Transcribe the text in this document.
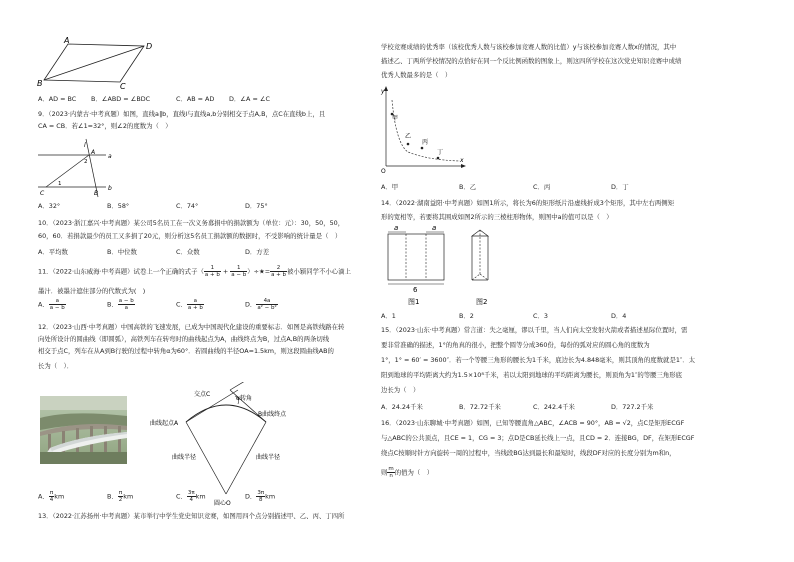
A
D
B	C
A．AD = BC B．∠ABD = ∠BDC	C．AB = AD D．∠A = ∠C
9．（2023·内蒙古·中考真题）如图，直线a∥b，直线l与直线a,b分别相交于点A,B，点C在直线b上，且
CA = CB．若∠1=32°，则∠2的度数为（　）
l
A
a
b
C	B
1
2
A．32°	B．58°	C．74°	D．75°
10．（2023·浙江嘉兴·中考真题）某公司5名员工在一次义务募捐中的捐款额为（单位：元）：30，50，50，
60，60．若捐款最少的员工又多捐了20元，则分析这5名员工捐款额的数据时，不受影响的统计量是（　）
A．平均数	B．中位数	C．众数	D．方差
11．（2022·山东威海·中考真题）试卷上一个正确的式子（ $\frac{1}{a + b} + \frac{1}{a - b}$ ）÷★= $\frac{2}{a + b}$ 被小颖同学不小心滴上
墨汁．被墨汁遮住部分的代数式为(　)
A． $\frac{a}{a - b}$	B． $\frac{a - b}{a}$	C． $\frac{a}{a + b}$	D． $\frac{4a}{\text{a² − b²}}$
12．（2023·山西·中考真题）中国高铁的飞速发展，已成为中国现代化建设的重要标志．如图是高铁线路在转
向处所设计的圆曲线（即圆弧），高铁列车在转弯时的曲线起点为A，曲线终点为B，过点A,B的两条切线
相交于点C，列车在从A到B行驶的过程中转角α为60°．若圆曲线的半径OA=1.5km，则这段圆曲线AB的
长为（　）．
交点C
α转角
曲线起点A
B曲线终点
曲线半径	曲线半径
圆心O
A． $\frac{\pi}{4}$ km	B． $\frac{\pi}{2}$ km	C． $\frac{3\pi}{4}$ km	D． $\frac{3\pi}{8}$ km
13．（2022·江苏扬州·中考真题）某市举行中学生党史知识竞赛，如图用四个点分别描述甲、乙、丙、丁四所
学校竞赛成绩的优秀率（该校优秀人数与该校参加竞赛人数的比值）y与该校参加竞赛人数x的情况，其中
描述乙、丁两所学校情况的点恰好在同一个反比例函数的图象上，则这四所学校在这次党史知识竞赛中成绩
优秀人数最多的是（　）
y
x
O
甲
乙
丙
丁
A．甲	B．乙	C．丙	D．丁
14．（2022·湖南益阳·中考真题）如图1所示，将长为6的矩形纸片沿虚线折成3个矩形，其中左右两侧矩
形的宽相等，若要将其围成如图2所示的三棱柱形物体，则图中a的值可以是（　）
a	a
6
图1	图2
A．1	B．2	C．3	D．4
15．（2023·山东·中考真题）常言道：失之毫厘，谬以千里，当人们向太空发射火箭或者描述星际位置时，需
要非常准确的描述，1°的角真的很小，把整个圆等分成360份，每份的弧对应的圆心角的度数为
1°，1° = 60′ = 3600″．若一个等腰三角形的腰长为1千米，底边长为4.848毫米，则其顶角的度数就是1″．太
阳到地球的平均距离大约为1.5×10⁸千米，若以太阳到地球的平均距离为腰长，则顶角为1″的等腰三角形底
边长为（　）
A．24.24千米	B．72.72千米	C．242.4千米	D．727.2千米
16．（2023·山东聊城·中考真题）如图，已知等腰直角△ABC，∠ACB = 90°，AB = √2，点C是矩形ECGF
与△ABC的公共顶点，且CE = 1，CG = 3；点D是CB延长线上一点，且CD = 2．连接BG，DF，在矩形ECGF
绕点C按顺时针方向旋转一周的过程中，当线段BG达到最长和最短时，线段DF对应的长度分别为m和n，
则 $\frac{m}{n}$ 的值为（　）
